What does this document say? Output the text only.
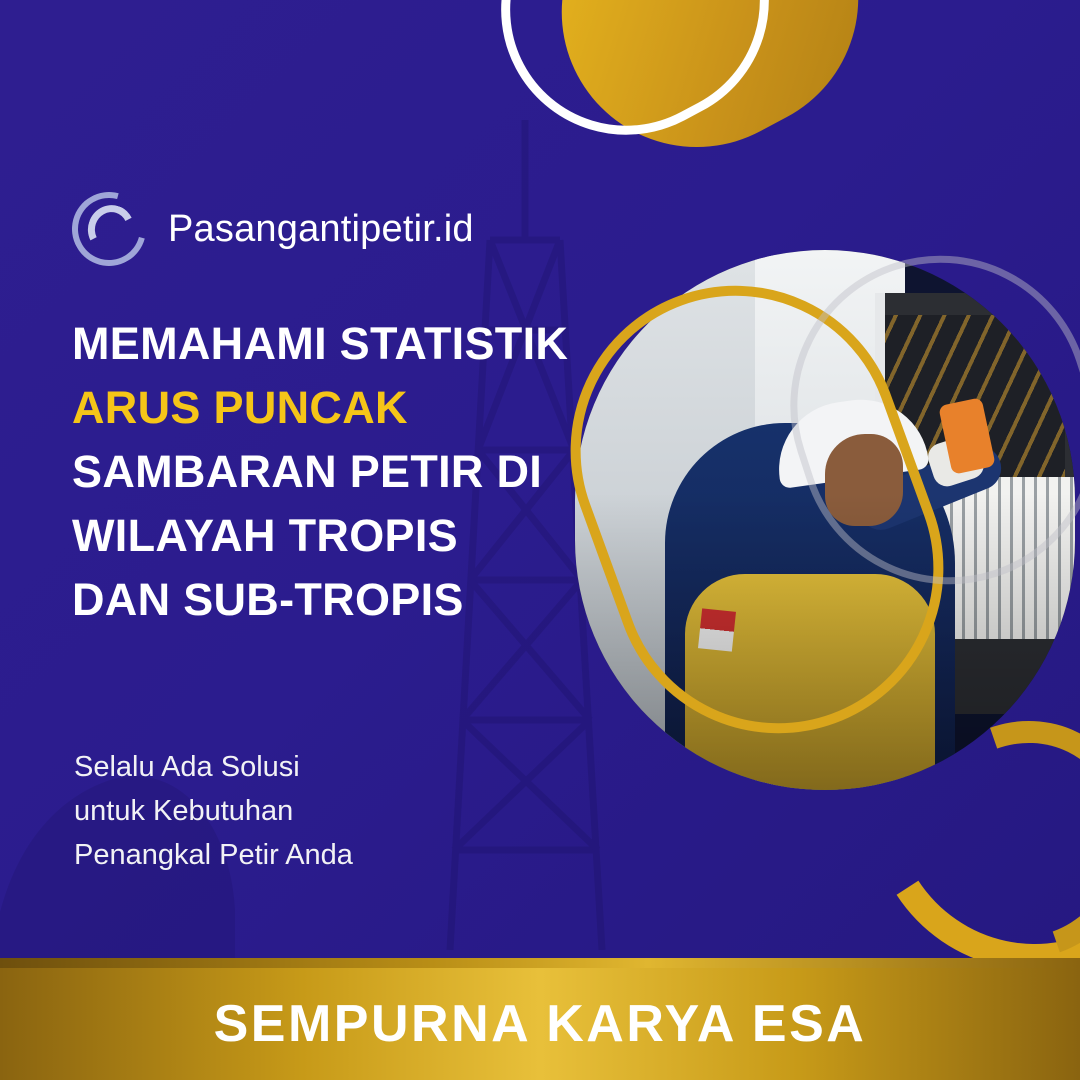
Pasangantipetir.id
MEMAHAMI STATISTIK
ARUS PUNCAK
SAMBARAN PETIR DI
WILAYAH TROPIS
DAN SUB-TROPIS
Selalu Ada Solusi
untuk Kebutuhan
Penangkal Petir Anda
SEMPURNA KARYA ESA
